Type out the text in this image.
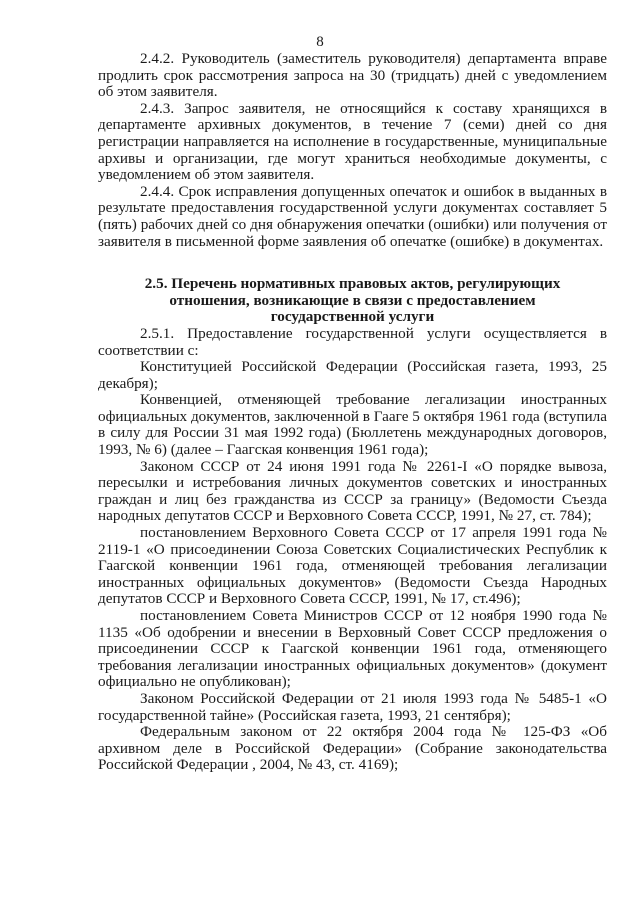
8

2.4.2. Руководитель (заместитель руководителя) департамента вправе продлить срок рассмотрения запроса на 30 (тридцать) дней с уведомлением об этом заявителя.

2.4.3. Запрос заявителя, не относящийся к составу хранящихся в департаменте архивных документов, в течение 7 (семи) дней со дня регистрации направляется на исполнение в государственные, муниципальные архивы и организации, где могут храниться необходимые документы, с уведомлением об этом заявителя.

2.4.4. Срок исправления допущенных опечаток и ошибок в выданных в результате предоставления государственной услуги документах составляет 5 (пять) рабочих дней со дня обнаружения опечатки (ошибки) или получения от заявителя в письменной форме заявления об опечатке (ошибке) в документах.

2.5. Перечень нормативных правовых актов, регулирующих
отношения, возникающие в связи с предоставлением
государственной услуги

2.5.1. Предоставление государственной услуги осуществляется в соответствии с:

Конституцией Российской Федерации (Российская газета, 1993, 25 декабря);

Конвенцией, отменяющей требование легализации иностранных официальных документов, заключенной в Гааге 5 октября 1961 года (вступила в силу для России 31 мая 1992 года) (Бюллетень международных договоров, 1993, № 6) (далее – Гаагская конвенция 1961 года);

Законом СССР от 24 июня 1991 года № 2261-I «О порядке вывоза, пересылки и истребования личных документов советских и иностранных граждан и лиц без гражданства из СССР за границу» (Ведомости Съезда народных депутатов СССР и Верховного Совета СССР, 1991, № 27, ст. 784);

постановлением Верховного Совета СССР от 17 апреля 1991 года № 2119-1 «О присоединении Союза Советских Социалистических Республик к Гаагской конвенции 1961 года, отменяющей требования легализации иностранных официальных документов» (Ведомости Съезда Народных депутатов СССР и Верховного Совета СССР, 1991, № 17, ст.496);

постановлением Совета Министров СССР от 12 ноября 1990 года № 1135 «Об одобрении и внесении в Верховный Совет СССР предложения о присоединении СССР к Гаагской конвенции 1961 года, отменяющего требования легализации иностранных официальных документов» (документ официально не опубликован);

Законом Российской Федерации от 21 июля 1993 года № 5485-1 «О государственной тайне» (Российская газета, 1993, 21 сентября);

Федеральным законом от 22 октября 2004 года № 125-ФЗ «Об архивном деле в Российской Федерации» (Собрание законодательства Российской Федерации , 2004, № 43, ст. 4169);
